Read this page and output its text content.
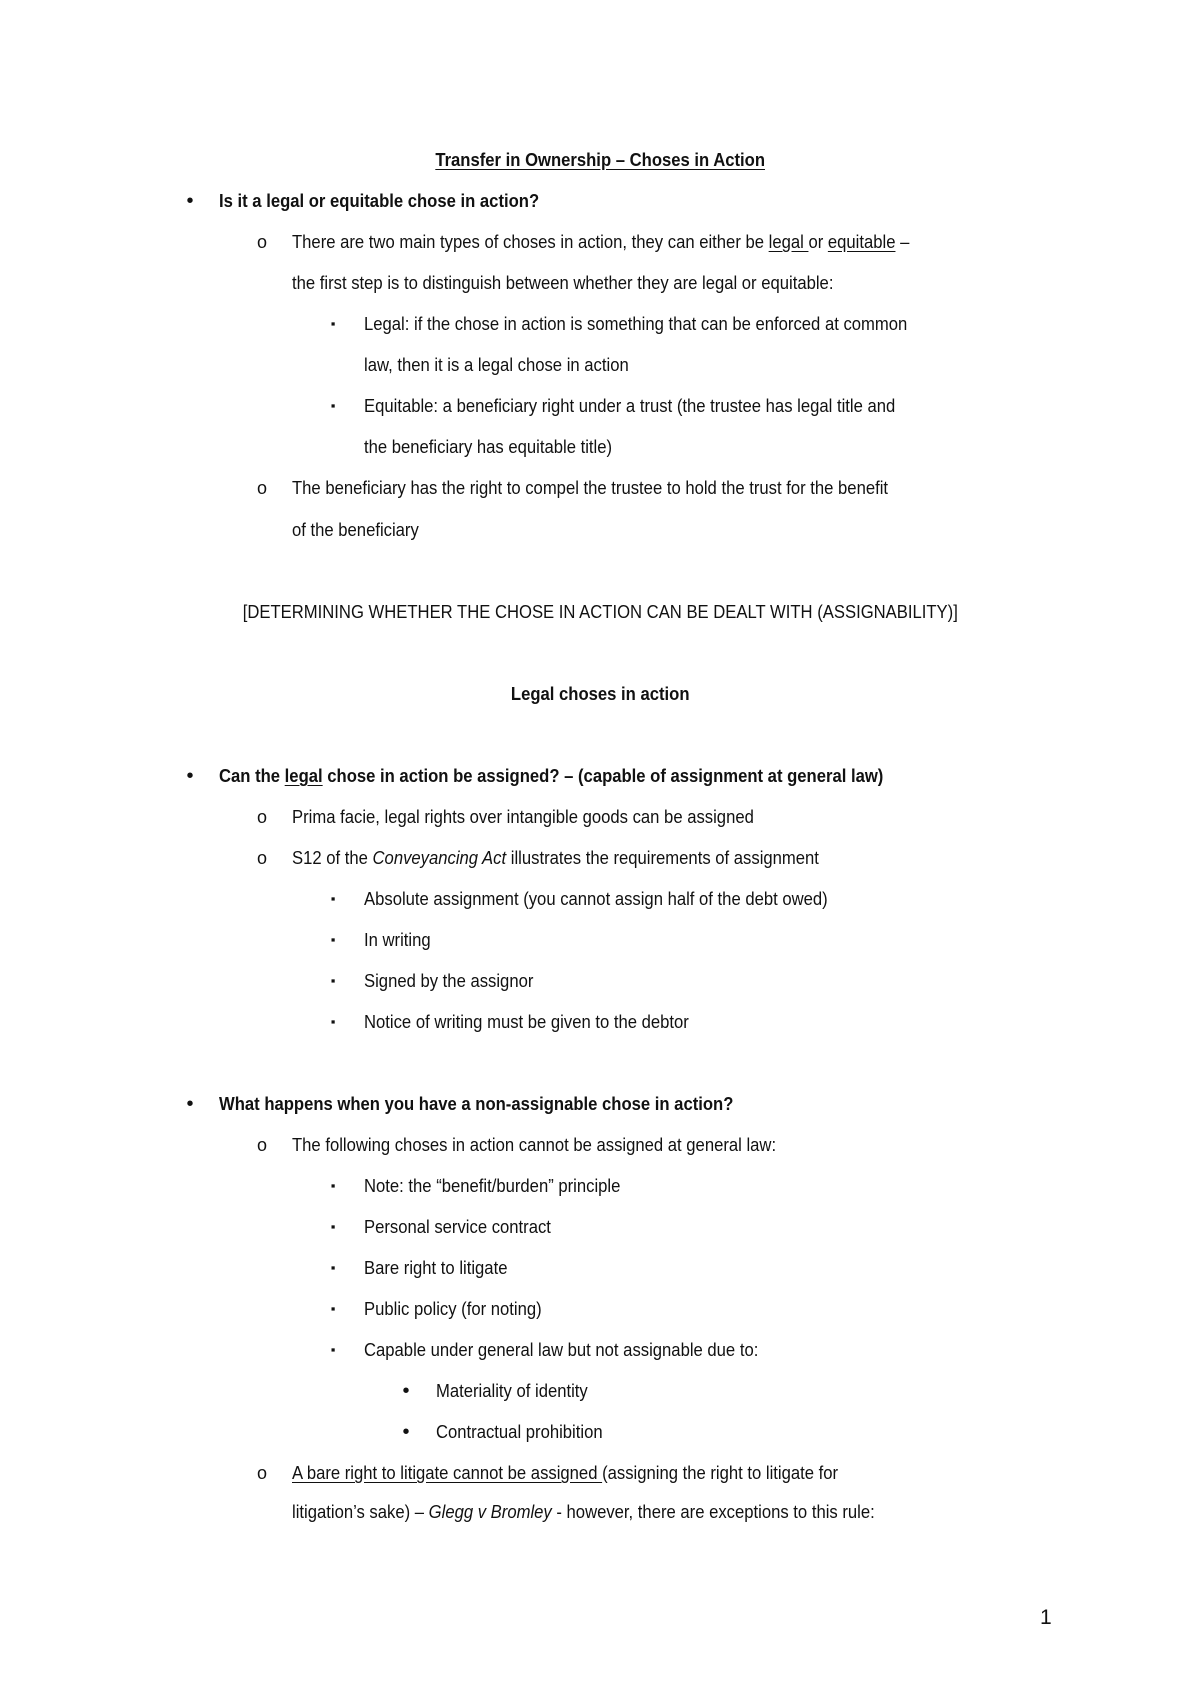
Transfer in Ownership – Choses in Action
•	Is it a legal or equitable chose in action?
o There are two main types of choses in action, they can either be legal or equitable –
the first step is to distinguish between whether they are legal or equitable:
▪	Legal: if the chose in action is something that can be enforced at common
law, then it is a legal chose in action
▪	Equitable: a beneficiary right under a trust (the trustee has legal title and
the beneficiary has equitable title)
o The beneficiary has the right to compel the trustee to hold the trust for the benefit
of the beneficiary
[DETERMINING WHETHER THE CHOSE IN ACTION CAN BE DEALT WITH (ASSIGNABILITY)]
Legal choses in action
•	Can the legal chose in action be assigned? – (capable of assignment at general law)
o Prima facie, legal rights over intangible goods can be assigned
o S12 of the Conveyancing Act illustrates the requirements of assignment
▪	Absolute assignment (you cannot assign half of the debt owed)
▪	In writing
▪	Signed by the assignor
▪	Notice of writing must be given to the debtor
•	What happens when you have a non-assignable chose in action?
o The following choses in action cannot be assigned at general law:
▪	Note: the “benefit/burden” principle
▪	Personal service contract
▪	Bare right to litigate
▪	Public policy (for noting)
▪	Capable under general law but not assignable due to:
•	Materiality of identity
•	Contractual prohibition
o A bare right to litigate cannot be assigned (assigning the right to litigate for
litigation’s sake) – Glegg v Bromley - however, there are exceptions to this rule:
1
